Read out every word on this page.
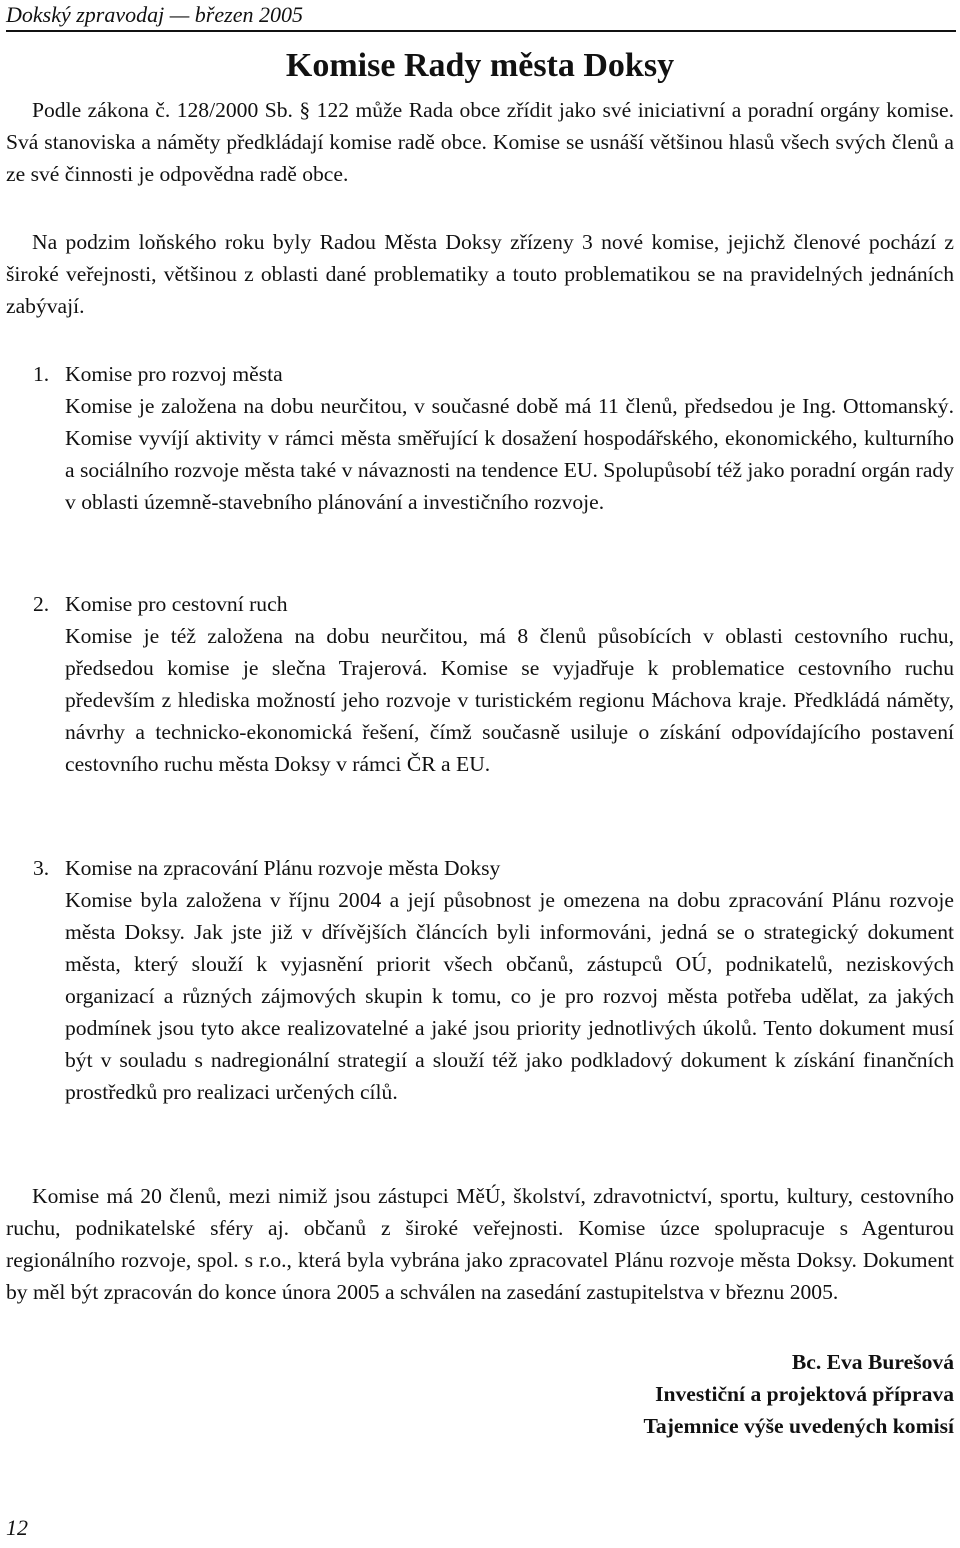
Dokský zpravodaj — březen 2005
Komise Rady města Doksy

Podle zákona č. 128/2000 Sb. § 122 může Rada obce zřídit jako své iniciativní a poradní orgány komise. Svá stanoviska a náměty předkládají komise radě obce. Komise se usnáší většinou hlasů všech svých členů a ze své činnosti je odpovědna radě obce.

Na podzim loňského roku byly Radou Města Doksy zřízeny 3 nové komise, jejichž členové pochází z široké veřejnosti, většinou z oblasti dané problematiky a touto problematikou se na pravidelných jednáních zabývají.

1. Komise pro rozvoj města
Komise je založena na dobu neurčitou, v současné době má 11 členů, předsedou je Ing. Ottomanský. Komise vyvíjí aktivity v rámci města směřující k dosažení hospodářského, ekonomického, kulturního a sociálního rozvoje města také v návaznosti na tendence EU. Spolupůsobí též jako poradní orgán rady v oblasti územně-stavebního plánování a investičního rozvoje.
2. Komise pro cestovní ruch
Komise je též založena na dobu neurčitou, má 8 členů působících v oblasti cestovního ruchu, předsedou komise je slečna Trajerová. Komise se vyjadřuje k problematice cestovního ruchu především z hlediska možností jeho rozvoje v turistickém regionu Máchova kraje. Předkládá náměty, návrhy a technicko-ekonomická řešení, čímž současně usiluje o získání odpovídajícího postavení cestovního ruchu města Doksy v rámci ČR a EU.
3. Komise na zpracování Plánu rozvoje města Doksy
Komise byla založena v říjnu 2004 a její působnost je omezena na dobu zpracování Plánu rozvoje města Doksy. Jak jste již v dřívějších článcích byli informováni, jedná se o strategický dokument města, který slouží k vyjasnění priorit všech občanů, zástupců OÚ, podnikatelů, neziskových organizací a různých zájmových skupin k tomu, co je pro rozvoj města potřeba udělat, za jakých podmínek jsou tyto akce realizovatelné a jaké jsou priority jednotlivých úkolů. Tento dokument musí být v souladu s nadregionální strategií a slouží též jako podkladový dokument k získání finančních prostředků pro realizaci určených cílů.

Komise má 20 členů, mezi nimiž jsou zástupci MěÚ, školství, zdravotnictví, sportu, kultury, cestovního ruchu, podnikatelské sféry aj. občanů z široké veřejnosti. Komise úzce spolupracuje s Agenturou regionálního rozvoje, spol. s r.o., která byla vybrána jako zpracovatel Plánu rozvoje města Doksy. Dokument by měl být zpracován do konce února 2005 a schválen na zasedání zastupitelstva v březnu 2005.

Bc. Eva Burešová
Investiční a projektová příprava
Tajemnice výše uvedených komisí
12
